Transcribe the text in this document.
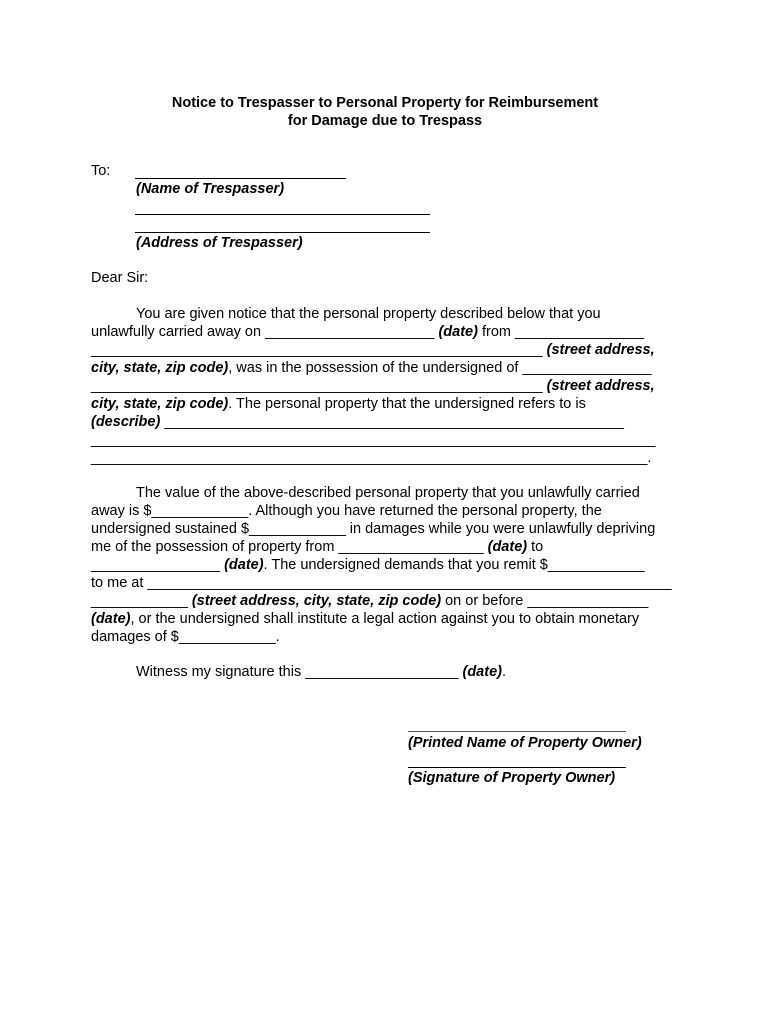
Notice to Trespasser to Personal Property for Reimbursement
for Damage due to Trespass
To:
(Name of Trespasser)
(Address of Trespasser)
Dear Sir:
You are given notice that the personal property described below that you
unlawfully carried away on _____________________ (date) from ________________
________________________________________________________ (street address,
city, state, zip code), was in the possession of the undersigned of ________________
________________________________________________________ (street address,
city, state, zip code). The personal property that the undersigned refers to is
(describe) _________________________________________________________
______________________________________________________________________
_____________________________________________________________________.
The value of the above-described personal property that you unlawfully carried
away is $____________. Although you have returned the personal property, the
undersigned sustained $____________ in damages while you were unlawfully depriving
me of the possession of property from __________________ (date) to
________________ (date). The undersigned demands that you remit $____________
to me at _________________________________________________________________
____________ (street address, city, state, zip code) on or before _______________
(date), or the undersigned shall institute a legal action against you to obtain monetary
damages of $____________.
Witness my signature this ___________________ (date).
(Printed Name of Property Owner)
(Signature of Property Owner)
